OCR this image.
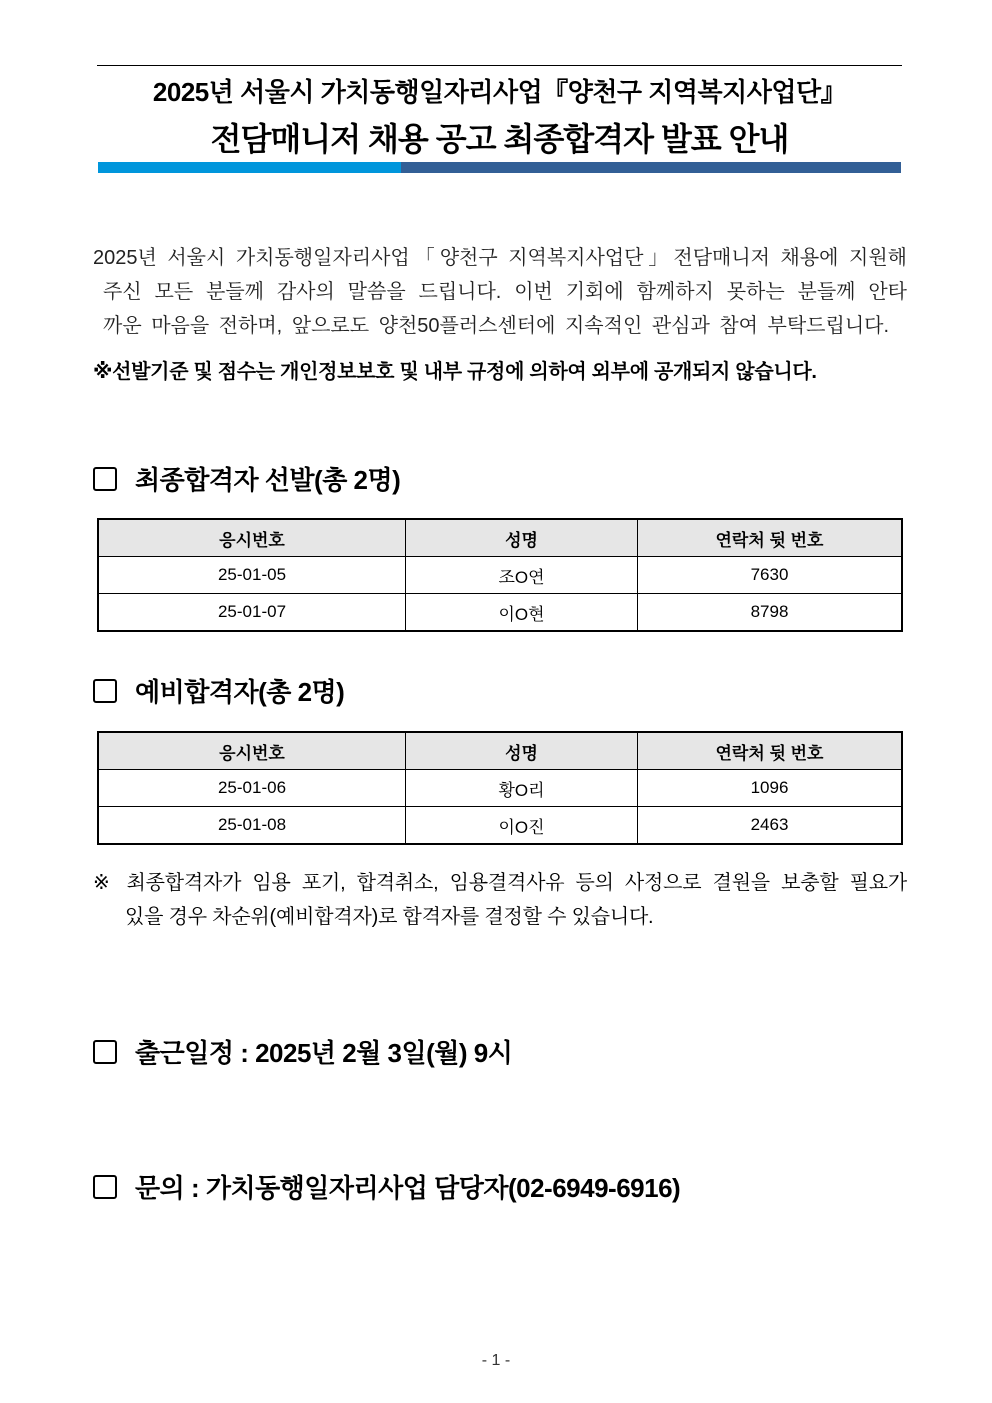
2025년 서울시 가치동행일자리사업『양천구 지역복지사업단』
전담매니저 채용 공고 최종합격자 발표 안내
2025년 서울시 가치동행일자리사업「양천구 지역복지사업단」전담매니저 채용에 지원해
주신 모든 분들께 감사의 말씀을 드립니다. 이번 기회에 함께하지 못하는 분들께 안타
까운 마음을 전하며, 앞으로도 양천50플러스센터에 지속적인 관심과 참여 부탁드립니다.
※선발기준 및 점수는 개인정보보호 및 내부 규정에 의하여 외부에 공개되지 않습니다.
최종합격자 선발(총 2명)
응시번호	성명	연락처 뒷 번호
25-01-05	조O연	7630
25-01-07	이O현	8798
예비합격자(총 2명)
응시번호	성명	연락처 뒷 번호
25-01-06	황O리	1096
25-01-08	이O진	2463
※ 최종합격자가 임용 포기, 합격취소, 임용결격사유 등의 사정으로 결원을 보충할 필요가
있을 경우 차순위(예비합격자)로 합격자를 결정할 수 있습니다.
출근일정 : 2025년 2월 3일(월) 9시
문의 : 가치동행일자리사업 담당자(02-6949-6916)
- 1 -
